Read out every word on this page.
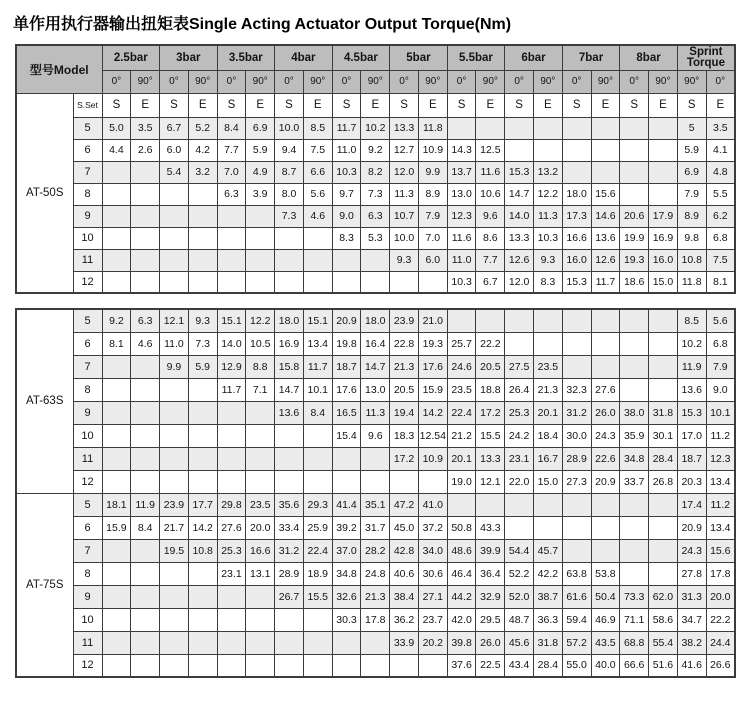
单作用执行器输出扭矩表Single Acting Actuator Output Torque(Nm)
型号Model		2.5bar		3bar		3.5bar		4bar		4.5bar		5bar		5.5bar		6bar		7bar		8bar		Sprint Torque	
		0°	90°	0°	90°	0°	90°	0°	90°	0°	90°	0°	90°	0°	90°	0°	90°	0°	90°	0°	90°	90°	0°
AT-50S	S.Set	S	E	S	E	S	E	S	E	S	E	S	E	S	E	S	E	S	E	S	E	S	E
	5	5.0	3.5	6.7	5.2	8.4	6.9	10.0	8.5	11.7	10.2	13.3	11.8									5	3.5
	6	4.4	2.6	6.0	4.2	7.7	5.9	9.4	7.5	11.0	9.2	12.7	10.9	14.3	12.5							5.9	4.1
	7			5.4	3.2	7.0	4.9	8.7	6.6	10.3	8.2	12.0	9.9	13.7	11.6	15.3	13.2					6.9	4.8
	8					6.3	3.9	8.0	5.6	9.7	7.3	11.3	8.9	13.0	10.6	14.7	12.2	18.0	15.6			7.9	5.5
	9							7.3	4.6	9.0	6.3	10.7	7.9	12.3	9.6	14.0	11.3	17.3	14.6	20.6	17.9	8.9	6.2
	10									8.3	5.3	10.0	7.0	11.6	8.6	13.3	10.3	16.6	13.6	19.9	16.9	9.8	6.8
	11											9.3	6.0	11.0	7.7	12.6	9.3	16.0	12.6	19.3	16.0	10.8	7.5
	12													10.3	6.7	12.0	8.3	15.3	11.7	18.6	15.0	11.8	8.1
AT-63S	5	9.2	6.3	12.1	9.3	15.1	12.2	18.0	15.1	20.9	18.0	23.9	21.0									8.5	5.6
	6	8.1	4.6	11.0	7.3	14.0	10.5	16.9	13.4	19.8	16.4	22.8	19.3	25.7	22.2							10.2	6.8
	7			9.9	5.9	12.9	8.8	15.8	11.7	18.7	14.7	21.3	17.6	24.6	20.5	27.5	23.5					11.9	7.9
	8					11.7	7.1	14.7	10.1	17.6	13.0	20.5	15.9	23.5	18.8	26.4	21.3	32.3	27.6			13.6	9.0
	9							13.6	8.4	16.5	11.3	19.4	14.2	22.4	17.2	25.3	20.1	31.2	26.0	38.0	31.8	15.3	10.1
	10									15.4	9.6	18.3	12.54	21.2	15.5	24.2	18.4	30.0	24.3	35.9	30.1	17.0	11.2
	11											17.2	10.9	20.1	13.3	23.1	16.7	28.9	22.6	34.8	28.4	18.7	12.3
	12													19.0	12.1	22.0	15.0	27.3	20.9	33.7	26.8	20.3	13.4
AT-75S	5	18.1	11.9	23.9	17.7	29.8	23.5	35.6	29.3	41.4	35.1	47.2	41.0									17.4	11.2
	6	15.9	8.4	21.7	14.2	27.6	20.0	33.4	25.9	39.2	31.7	45.0	37.2	50.8	43.3							20.9	13.4
	7			19.5	10.8	25.3	16.6	31.2	22.4	37.0	28.2	42.8	34.0	48.6	39.9	54.4	45.7					24.3	15.6
	8					23.1	13.1	28.9	18.9	34.8	24.8	40.6	30.6	46.4	36.4	52.2	42.2	63.8	53.8			27.8	17.8
	9							26.7	15.5	32.6	21.3	38.4	27.1	44.2	32.9	52.0	38.7	61.6	50.4	73.3	62.0	31.3	20.0
	10									30.3	17.8	36.2	23.7	42.0	29.5	48.7	36.3	59.4	46.9	71.1	58.6	34.7	22.2
	11											33.9	20.2	39.8	26.0	45.6	31.8	57.2	43.5	68.8	55.4	38.2	24.4
	12													37.6	22.5	43.4	28.4	55.0	40.0	66.6	51.6	41.6	26.6
